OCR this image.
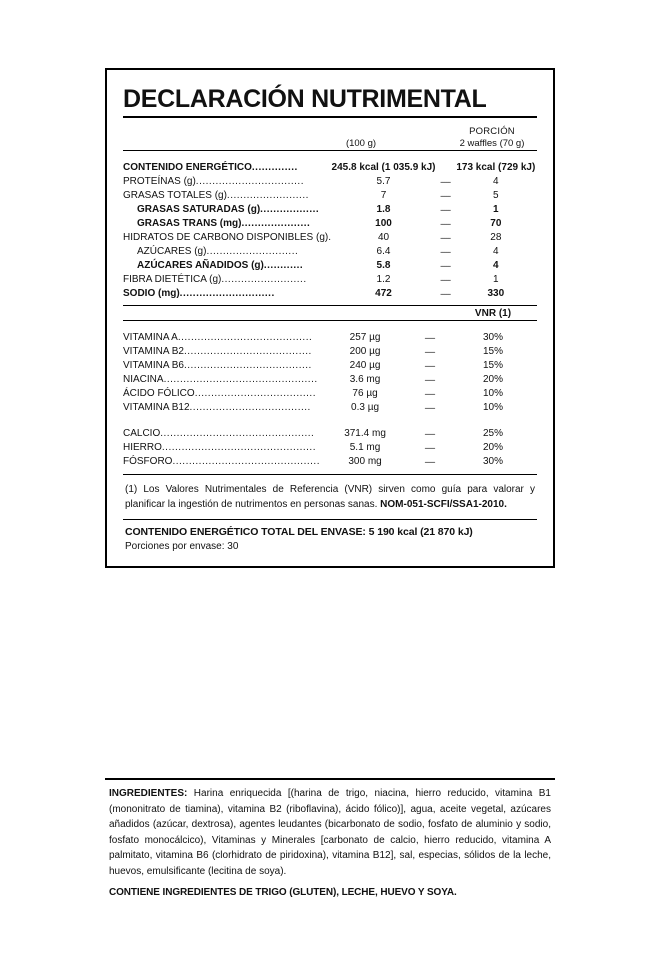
DECLARACIÓN NUTRIMENTAL
(100 g)
PORCIÓN
2 waffles (70 g)

CONTENIDO ENERGÉTICO..............	245.8 kcal (1 035.9 kJ)		173 kcal (729 kJ)
PROTEÍNAS (g).................................	5.7	-----	4
GRASAS TOTALES (g).........................	7	-----	5
GRASAS SATURADAS (g)..................	1.8	-----	1
GRASAS TRANS (mg).....................	100	-----	70
HIDRATOS DE CARBONO DISPONIBLES (g).	40	-----	28
AZÚCARES (g)............................	6.4	-----	4
AZÚCARES AÑADIDOS (g)............	5.8	-----	4
FIBRA DIETÉTICA (g)..........................	1.2	-----	1
SODIO (mg).............................	472	-----	330
			VNR (1)

VITAMINA A.........................................	257 µg	-----	30%
VITAMINA B2.......................................	200 µg	-----	15%
VITAMINA B6.......................................	240 µg	-----	15%
NIACINA...............................................	3.6 mg	-----	20%
ÁCIDO FÓLICO.....................................	76 µg	-----	10%
VITAMINA B12.....................................	0.3 µg	-----	10%

CALCIO...............................................	371.4 mg	-----	25%
HIERRO...............................................	5.1 mg	-----	20%
FÓSFORO.............................................	300 mg	-----	30%
(1) Los Valores Nutrimentales de Referencia (VNR) sirven como guía para valorar y planificar la ingestión de nutrimentos en personas sanas. NOM-051-SCFI/SSA1-2010.
CONTENIDO ENERGÉTICO TOTAL DEL ENVASE: 5 190 kcal (21 870 kJ)
Porciones por envase: 30
INGREDIENTES: Harina enriquecida [(harina de trigo, niacina, hierro reducido, vitamina B1 (mononitrato de tiamina), vitamina B2 (riboflavina), ácido fólico)], agua, aceite vegetal, azúcares añadidos (azúcar, dextrosa), agentes leudantes (bicarbonato de sodio, fosfato de aluminio y sodio, fosfato monocálcico), Vitaminas y Minerales [carbonato de calcio, hierro reducido, vitamina A palmitato, vitamina B6 (clorhidrato de piridoxina), vitamina B12], sal, especias, sólidos de la leche, huevos, emulsificante (lecitina de soya).
CONTIENE INGREDIENTES DE TRIGO (GLUTEN), LECHE, HUEVO Y SOYA.
